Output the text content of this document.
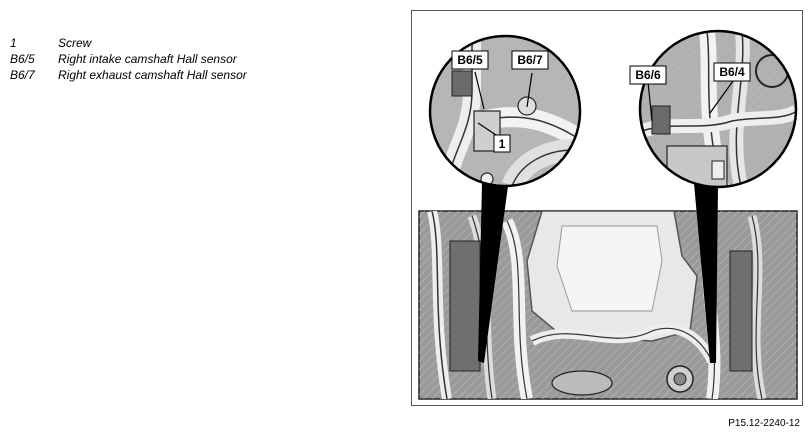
1	Screw
B6/5	Right intake camshaft Hall sensor
B6/7	Right exhaust camshaft Hall sensor
B6/5	B6/7
1
B6/6	B6/4
P15.12-2240-12
